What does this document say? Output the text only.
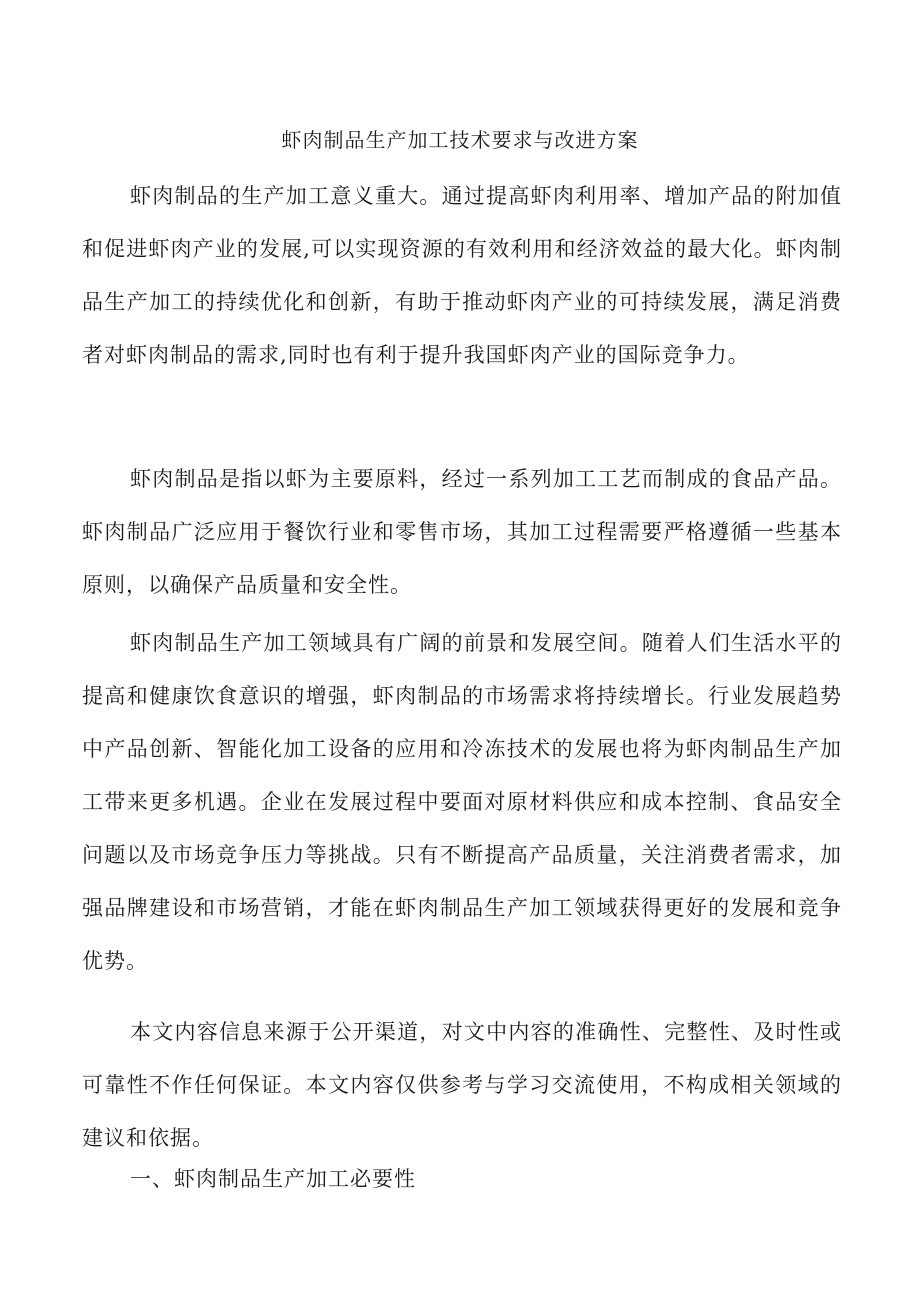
虾肉制品生产加工技术要求与改进方案

虾肉制品的生产加工意义重大。通过提高虾肉利用率、增加产品的附加值和促进虾肉产业的发展,可以实现资源的有效利用和经济效益的最大化。虾肉制品生产加工的持续优化和创新，有助于推动虾肉产业的可持续发展，满足消费者对虾肉制品的需求,同时也有利于提升我国虾肉产业的国际竞争力。

虾肉制品是指以虾为主要原料，经过一系列加工工艺而制成的食品产品。虾肉制品广泛应用于餐饮行业和零售市场，其加工过程需要严格遵循一些基本原则，以确保产品质量和安全性。

虾肉制品生产加工领域具有广阔的前景和发展空间。随着人们生活水平的提高和健康饮食意识的增强，虾肉制品的市场需求将持续增长。行业发展趋势中产品创新、智能化加工设备的应用和冷冻技术的发展也将为虾肉制品生产加工带来更多机遇。企业在发展过程中要面对原材料供应和成本控制、食品安全问题以及市场竞争压力等挑战。只有不断提高产品质量，关注消费者需求，加强品牌建设和市场营销，才能在虾肉制品生产加工领域获得更好的发展和竞争优势。

本文内容信息来源于公开渠道，对文中内容的准确性、完整性、及时性或可靠性不作任何保证。本文内容仅供参考与学习交流使用，不构成相关领域的建议和依据。

一、虾肉制品生产加工必要性
